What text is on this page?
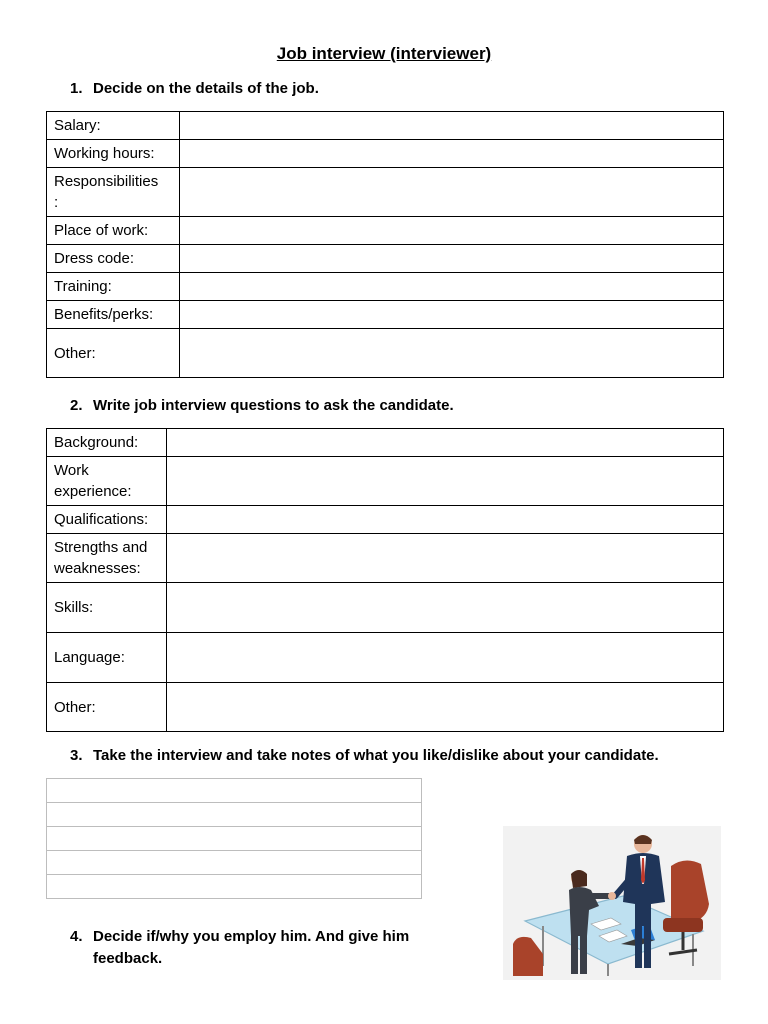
Job interview (interviewer)
1. Decide on the details of the job.
Salary:	
Working hours:	
Responsibilities
:	
Place of work:	
Dress code:	
Training:	
Benefits/perks:	
Other:	
2. Write job interview questions to ask the candidate.
Background:	
Work
experience:	
Qualifications:	
Strengths and
weaknesses:	
Skills:	
Language:	
Other:	
3. Take the interview and take notes of what you like/dislike about your candidate.

4. Decide if/why you employ him. And give him
feedback.
